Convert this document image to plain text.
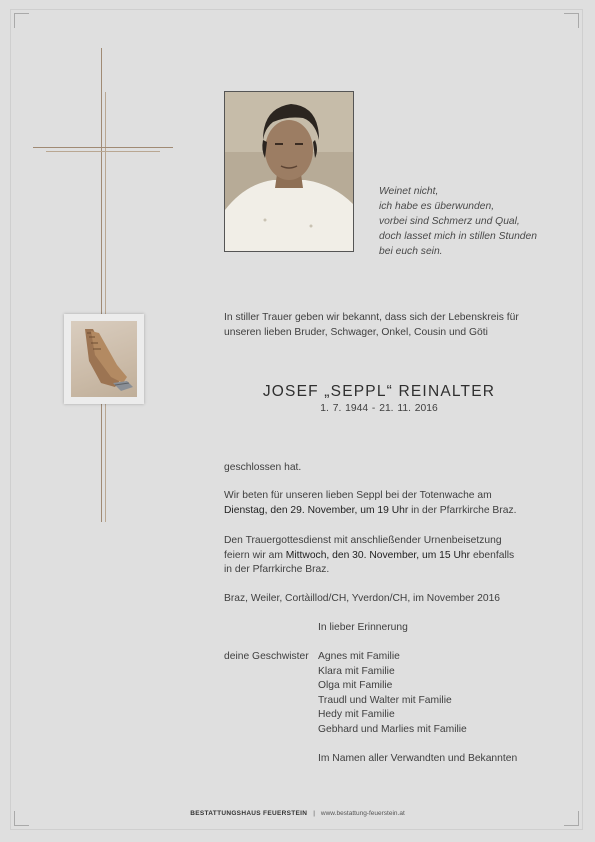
Weinet nicht,
ich habe es überwunden,
vorbei sind Schmerz und Qual,
doch lasset mich in stillen Stunden
bei euch sein.
In stiller Trauer geben wir bekannt, dass sich der Lebenskreis für
unseren lieben Bruder, Schwager, Onkel, Cousin und Göti
JOSEF „SEPPL“ REINALTER
1. 7. 1944 - 21. 11. 2016
geschlossen hat.
Wir beten für unseren lieben Seppl bei der Totenwache am
Dienstag, den 29. November, um 19 Uhr in der Pfarrkirche Braz.
Den Trauergottesdienst mit anschließender Urnenbeisetzung
feiern wir am Mittwoch, den 30. November, um 15 Uhr ebenfalls
in der Pfarrkirche Braz.
Braz, Weiler, Cortàillod/CH, Yverdon/CH, im November 2016
In lieber Erinnerung
deine Geschwister Agnes mit Familie
Klara mit Familie
Olga mit Familie
Traudl und Walter mit Familie
Hedy mit Familie
Gebhard und Marlies mit Familie
Im Namen aller Verwandten und Bekannten
BESTATTUNGSHAUS FEUERSTEIN | www.bestattung-feuerstein.at
